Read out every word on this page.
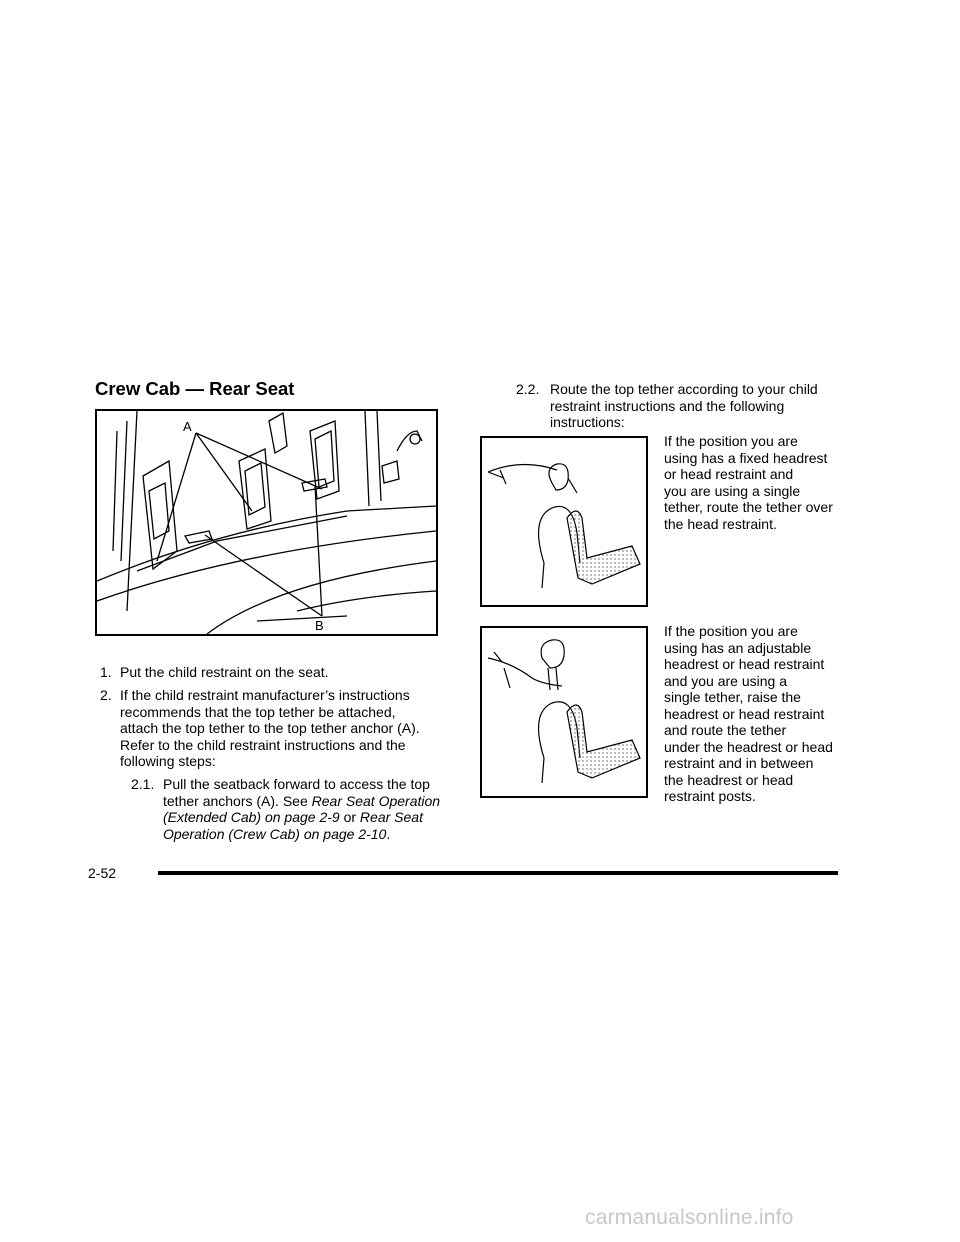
Crew Cab — Rear Seat
A
B
1. Put the child restraint on the seat.
2. If the child restraint manufacturer’s instructions
recommends that the top tether be attached,
attach the top tether to the top tether anchor (A).
Refer to the child restraint instructions and the
following steps:
2.1. Pull the seatback forward to access the top
tether anchors (A). See Rear Seat Operation
(Extended Cab) on page 2-9 or Rear Seat
Operation (Crew Cab) on page 2-10.
2.2. Route the top tether according to your child
restraint instructions and the following
instructions:
If the position you are
using has a fixed headrest
or head restraint and
you are using a single
tether, route the tether over
the head restraint.
If the position you are
using has an adjustable
headrest or head restraint
and you are using a
single tether, raise the
headrest or head restraint
and route the tether
under the headrest or head
restraint and in between
the headrest or head
restraint posts.
2-52
carmanualsonline.info
